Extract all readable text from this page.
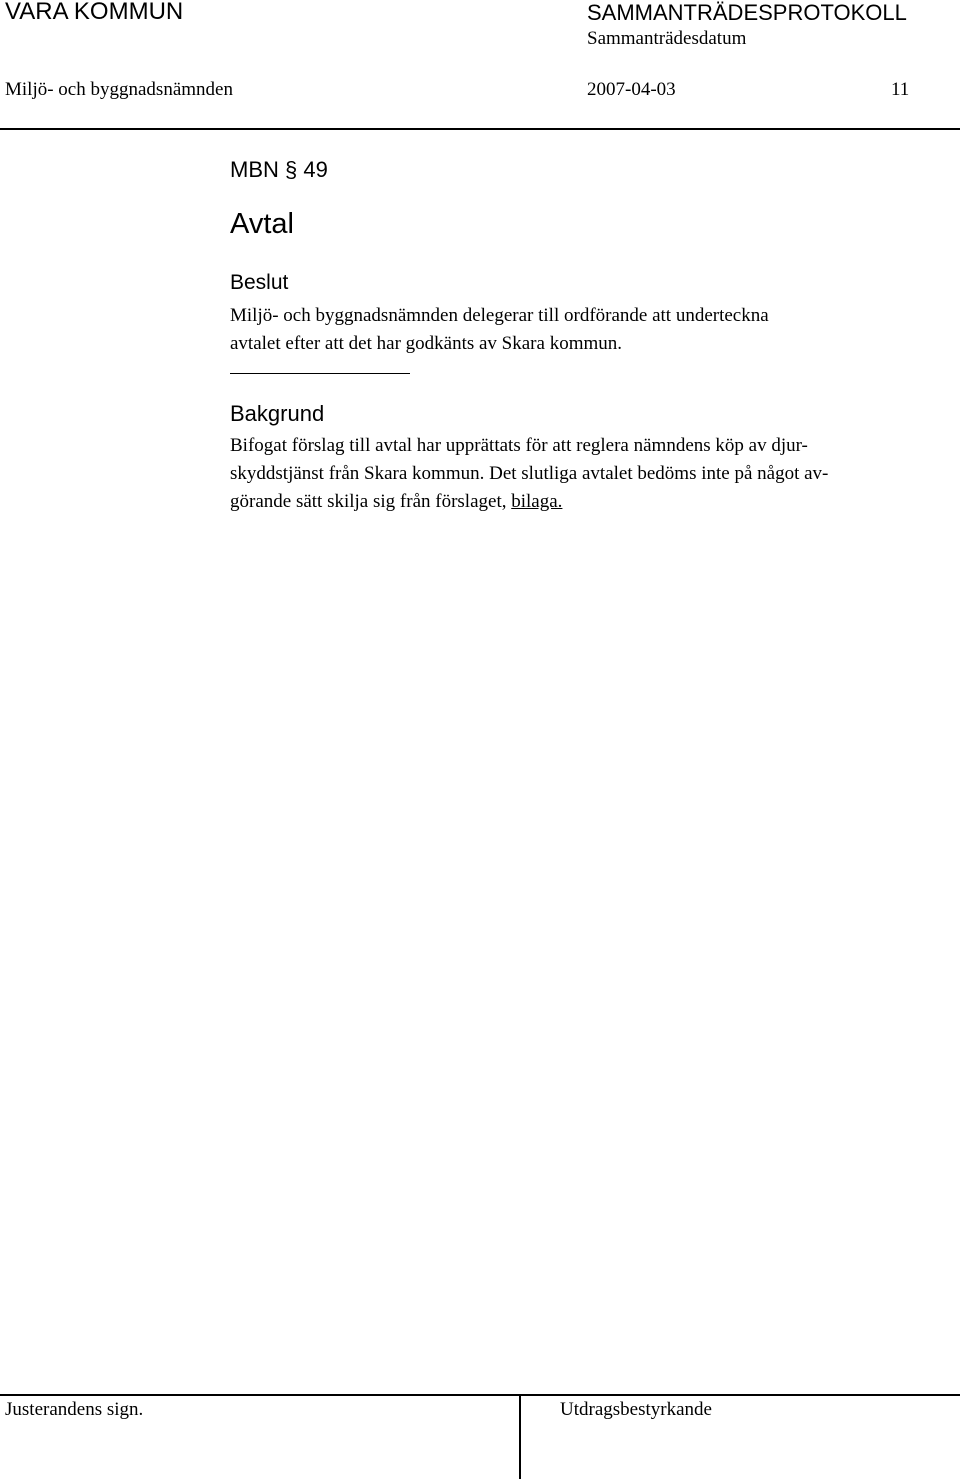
VARA KOMMUN	SAMMANTRÄDESPROTOKOLL
Sammanträdesdatum
Miljö- och byggnadsnämnden	2007-04-03	11
MBN § 49
Avtal
Beslut
Miljö- och byggnadsnämnden delegerar till ordförande att underteckna
avtalet efter att det har godkänts av Skara kommun.
Bakgrund
Bifogat förslag till avtal har upprättats för att reglera nämndens köp av djur-
skyddstjänst från Skara kommun. Det slutliga avtalet bedöms inte på något av-
görande sätt skilja sig från förslaget, bilaga.
Justerandens sign.	Utdragsbestyrkande
